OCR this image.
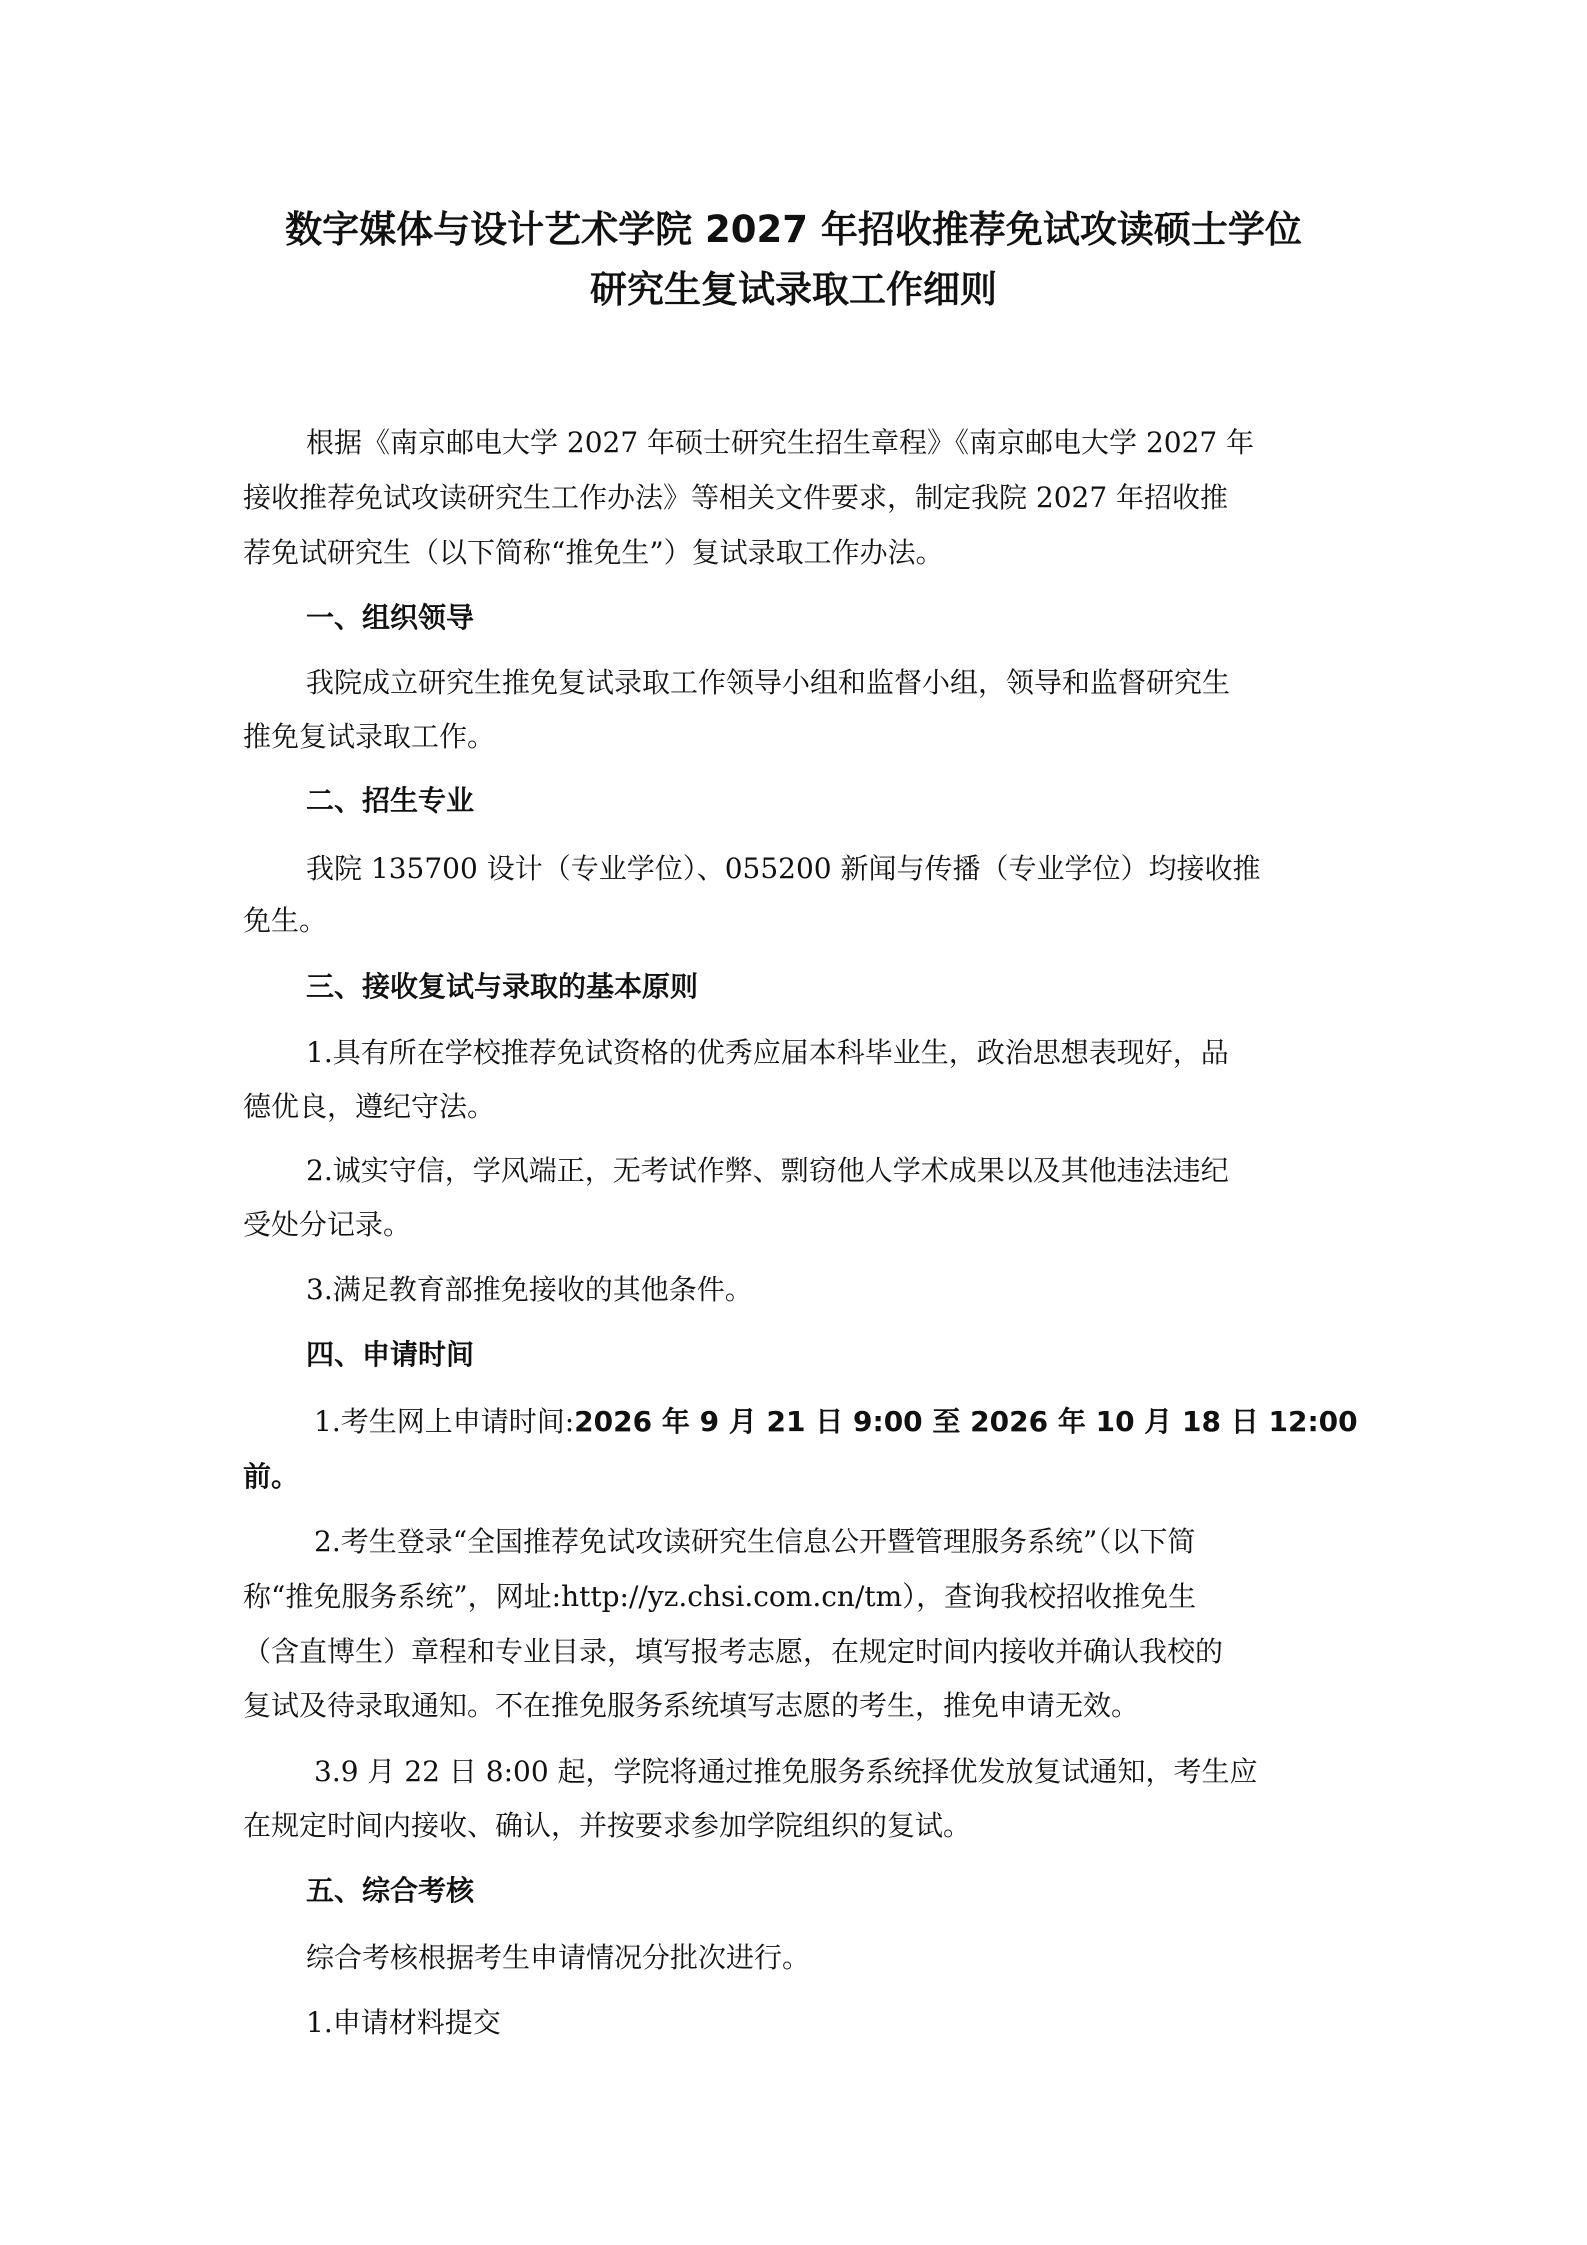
数字媒体与设计艺术学院 2027 年招收推荐免试攻读硕士学位
研究生复试录取工作细则
根据《南京邮电大学 2027 年硕士研究生招生章程》《南京邮电大学 2027 年
接收推荐免试攻读研究生工作办法》等相关文件要求，制定我院 2027 年招收推
荐免试研究生（以下简称“推免生”）复试录取工作办法。
一、组织领导
我院成立研究生推免复试录取工作领导小组和监督小组，领导和监督研究生
推免复试录取工作。
二、招生专业
我院 135700 设计（专业学位）、055200 新闻与传播（专业学位）均接收推
免生。
三、接收复试与录取的基本原则
1.具有所在学校推荐免试资格的优秀应届本科毕业生，政治思想表现好，品
德优良，遵纪守法。
2.诚实守信，学风端正，无考试作弊、剽窃他人学术成果以及其他违法违纪
受处分记录。
3.满足教育部推免接收的其他条件。
四、申请时间
1.考生网上申请时间:2026 年 9 月 21 日 9:00 至 2026 年 10 月 18 日 12:00
前。
2.考生登录“全国推荐免试攻读研究生信息公开暨管理服务系统”（以下简
称“推免服务系统”，网址:http://yz.chsi.com.cn/tm），查询我校招收推免生
（含直博生）章程和专业目录，填写报考志愿，在规定时间内接收并确认我校的
复试及待录取通知。不在推免服务系统填写志愿的考生，推免申请无效。
3.9 月 22 日 8:00 起，学院将通过推免服务系统择优发放复试通知，考生应
在规定时间内接收、确认，并按要求参加学院组织的复试。
五、综合考核
综合考核根据考生申请情况分批次进行。
1.申请材料提交
